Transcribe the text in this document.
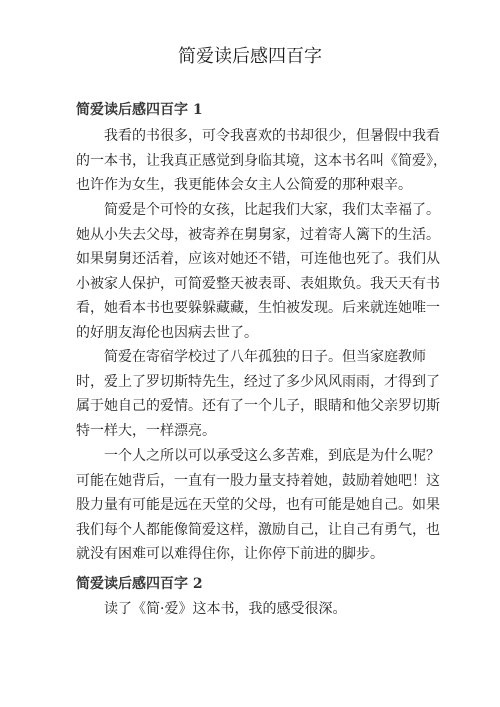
简爱读后感四百字
简爱读后感四百字 1
我看的书很多，可令我喜欢的书却很少，但暑假中我看
的一本书，让我真正感觉到身临其境，这本书名叫《简爱》，
也许作为女生，我更能体会女主人公简爱的那种艰辛。
简爱是个可怜的女孩，比起我们大家，我们太幸福了。
她从小失去父母，被寄养在舅舅家，过着寄人篱下的生活。
如果舅舅还活着，应该对她还不错，可连他也死了。我们从
小被家人保护，可简爱整天被表哥、表姐欺负。我天天有书
看，她看本书也要躲躲藏藏，生怕被发现。后来就连她唯一
的好朋友海伦也因病去世了。
简爱在寄宿学校过了八年孤独的日子。但当家庭教师
时，爱上了罗切斯特先生，经过了多少风风雨雨，才得到了
属于她自己的爱情。还有了一个儿子，眼睛和他父亲罗切斯
特一样大，一样漂亮。
一个人之所以可以承受这么多苦难，到底是为什么呢？
可能在她背后，一直有一股力量支持着她，鼓励着她吧！这
股力量有可能是远在天堂的父母，也有可能是她自己。如果
我们每个人都能像简爱这样，激励自己，让自己有勇气，也
就没有困难可以难得住你，让你停下前进的脚步。
简爱读后感四百字 2
读了《简·爱》这本书，我的感受很深。
